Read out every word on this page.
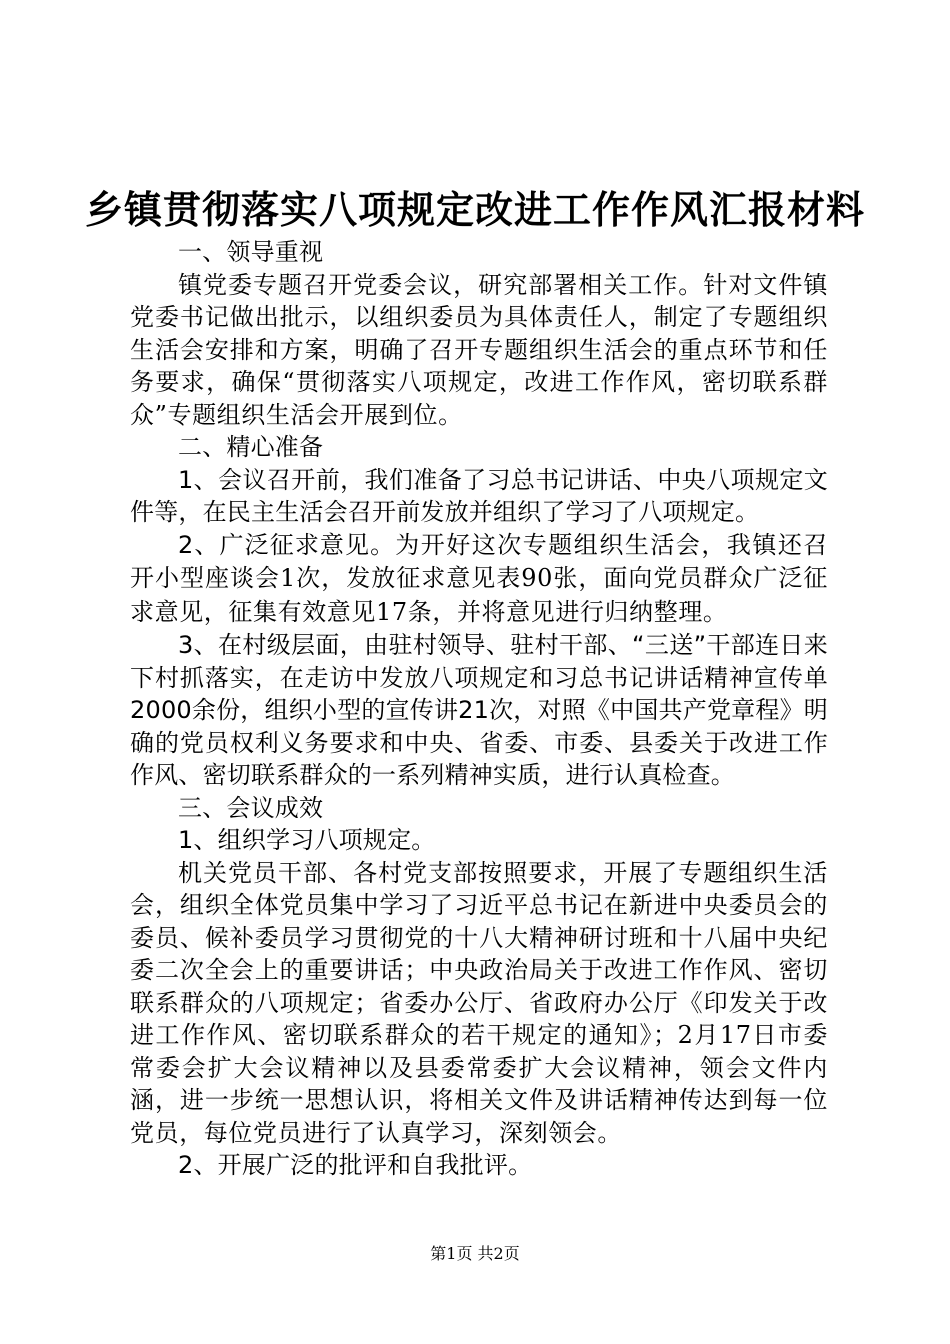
乡镇贯彻落实八项规定改进工作作风汇报材料

一、领导重视

镇党委专题召开党委会议，研究部署相关工作。针对文件镇党委书记做出批示，以组织委员为具体责任人，制定了专题组织生活会安排和方案，明确了召开专题组织生活会的重点环节和任务要求，确保“贯彻落实八项规定，改进工作作风，密切联系群众”专题组织生活会开展到位。

二、精心准备

1、会议召开前，我们准备了习总书记讲话、中央八项规定文件等，在民主生活会召开前发放并组织了学习了八项规定。

2、广泛征求意见。为开好这次专题组织生活会，我镇还召开小型座谈会1次，发放征求意见表90张，面向党员群众广泛征求意见，征集有效意见17条，并将意见进行归纳整理。

3、在村级层面，由驻村领导、驻村干部、“三送”干部连日来下村抓落实，在走访中发放八项规定和习总书记讲话精神宣传单2000余份，组织小型的宣传讲21次，对照《中国共产党章程》明确的党员权利义务要求和中央、省委、市委、县委关于改进工作作风、密切联系群众的一系列精神实质，进行认真检查。

三、会议成效

1、组织学习八项规定。

机关党员干部、各村党支部按照要求，开展了专题组织生活会，组织全体党员集中学习了习近平总书记在新进中央委员会的委员、候补委员学习贯彻党的十八大精神研讨班和十八届中央纪委二次全会上的重要讲话；中央政治局关于改进工作作风、密切联系群众的八项规定；省委办公厅、省政府办公厅《印发关于改进工作作风、密切联系群众的若干规定的通知》；2月17日市委常委会扩大会议精神以及县委常委扩大会议精神，领会文件内涵，进一步统一思想认识，将相关文件及讲话精神传达到每一位党员，每位党员进行了认真学习，深刻领会。

2、开展广泛的批评和自我批评。

第1页 共2页
